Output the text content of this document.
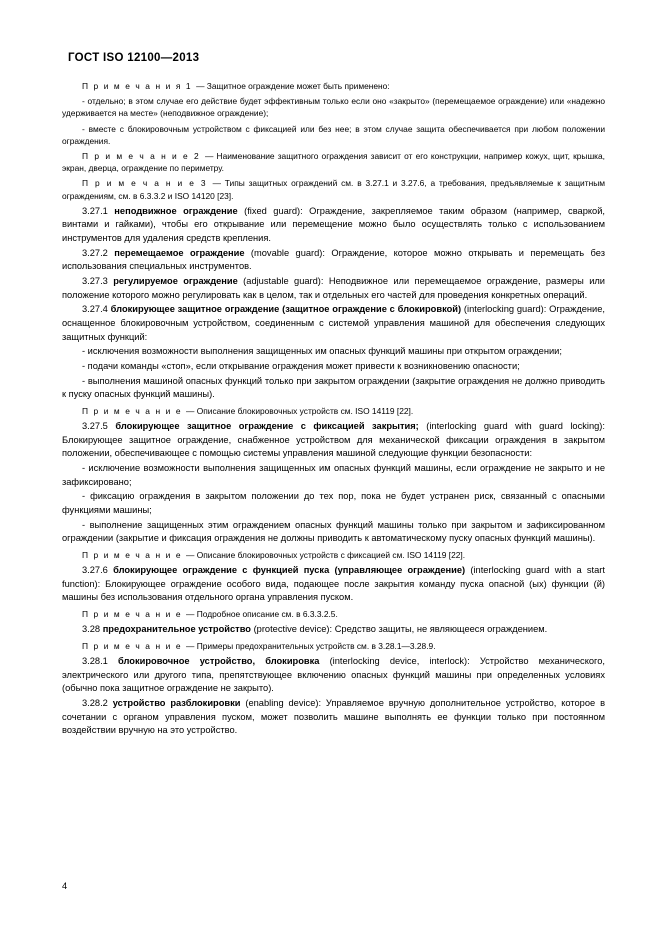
ГОСТ ISO 12100—2013

П р и м е ч а н и я 1 — Защитное ограждение может быть применено:

- отдельно; в этом случае его действие будет эффективным только если оно «закрыто» (перемещаемое ограждение) или «надежно удерживается на месте» (неподвижное ограждение);

- вместе с блокировочным устройством с фиксацией или без нее; в этом случае защита обеспечивается при любом положении ограждения.

П р и м е ч а н и е 2 — Наименование защитного ограждения зависит от его конструкции, например кожух, щит, крышка, экран, дверца, ограждение по периметру.

П р и м е ч а н и е 3 — Типы защитных ограждений см. в 3.27.1 и 3.27.6, а требования, предъявляемые к защитным ограждениям, см. в 6.3.3.2 и ISO 14120 [23].

3.27.1 неподвижное ограждение (fixed guard): Ограждение, закрепляемое таким образом (например, сваркой, винтами и гайками), чтобы его открывание или перемещение можно было осуществлять только с использованием инструментов для удаления средств крепления.

3.27.2 перемещаемое ограждение (movable guard): Ограждение, которое можно открывать и перемещать без использования специальных инструментов.

3.27.3 регулируемое ограждение (adjustable guard): Неподвижное или перемещаемое ограждение, размеры или положение которого можно регулировать как в целом, так и отдельных его частей для проведения конкретных операций.

3.27.4 блокирующее защитное ограждение (защитное ограждение с блокировкой) (interlocking guard): Ограждение, оснащенное блокировочным устройством, соединенным с системой управления машиной для обеспечения следующих защитных функций:

- исключения возможности выполнения защищенных им опасных функций машины при открытом ограждении;

- подачи команды «стоп», если открывание ограждения может привести к возникновению опасности;

- выполнения машиной опасных функций только при закрытом ограждении (закрытие ограждения не должно приводить к пуску опасных функций машины).

П р и м е ч а н и е — Описание блокировочных устройств см. ISO 14119 [22].

3.27.5 блокирующее защитное ограждение с фиксацией закрытия; (interlocking guard with guard locking): Блокирующее защитное ограждение, снабженное устройством для механической фиксации ограждения в закрытом положении, обеспечивающее с помощью системы управления машиной следующие функции безопасности:

- исключение возможности выполнения защищенных им опасных функций машины, если ограждение не закрыто и не зафиксировано;

- фиксацию ограждения в закрытом положении до тех пор, пока не будет устранен риск, связанный с опасными функциями машины;

- выполнение защищенных этим ограждением опасных функций машины только при закрытом и зафиксированном ограждении (закрытие и фиксация ограждения не должны приводить к автоматическому пуску опасных функций машины).

П р и м е ч а н и е — Описание блокировочных устройств с фиксацией см. ISO 14119 [22].

3.27.6 блокирующее ограждение с функцией пуска (управляющее ограждение) (interlocking guard with a start function): Блокирующее ограждение особого вида, подающее после закрытия команду пуска опасной (ых) функции (й) машины без использования отдельного органа управления пуском.

П р и м е ч а н и е — Подробное описание см. в 6.3.3.2.5.

3.28 предохранительное устройство (protective device): Средство защиты, не являющееся ограждением.

П р и м е ч а н и е — Примеры предохранительных устройств см. в 3.28.1—3.28.9.

3.28.1 блокировочное устройство, блокировка (interlocking device, interlock): Устройство механического, электрического или другого типа, препятствующее включению опасных функций машины при определенных условиях (обычно пока защитное ограждение не закрыто).

3.28.2 устройство разблокировки (enabling device): Управляемое вручную дополнительное устройство, которое в сочетании с органом управления пуском, может позволить машине выполнять ее функции только при постоянном воздействии вручную на это устройство.

4
